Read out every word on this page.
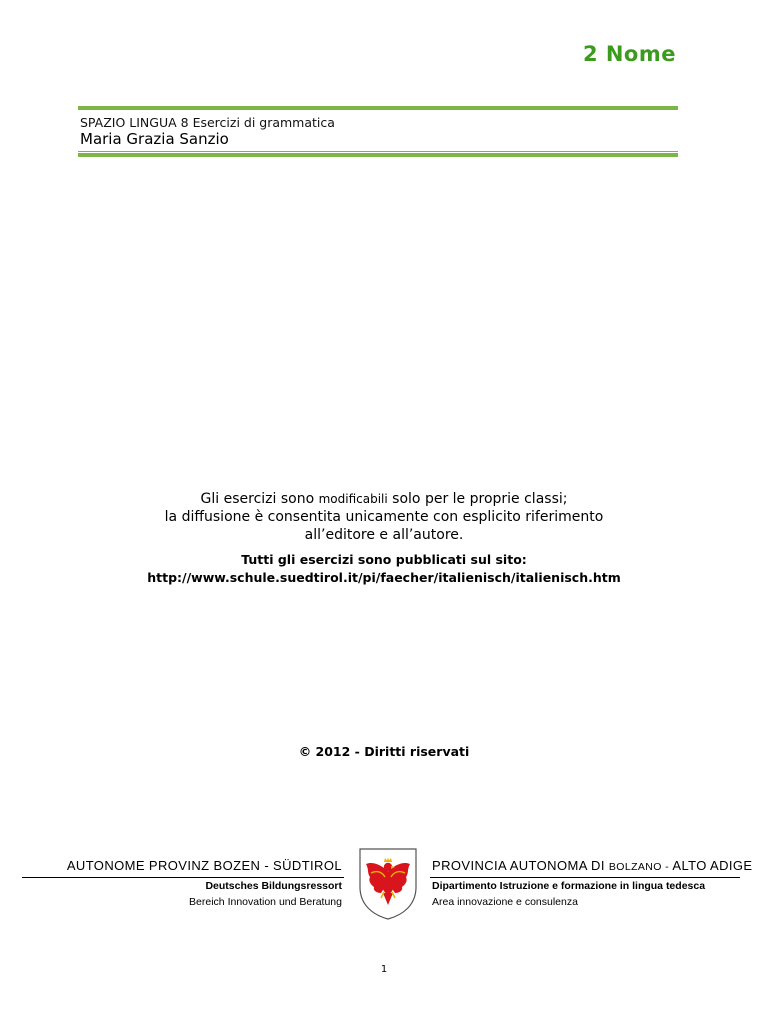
2 Nome
SPAZIO LINGUA 8 Esercizi di grammatica
Maria Grazia Sanzio
Gli esercizi sono modificabili solo per le proprie classi;
la diffusione è consentita unicamente con esplicito riferimento
all’editore e all’autore.
Tutti gli esercizi sono pubblicati sul sito:
http://www.schule.suedtirol.it/pi/faecher/italienisch/italienisch.htm
© 2012 - Diritti riservati
AUTONOME PROVINZ BOZEN - SÜDTIROL
Deutsches Bildungsressort
Bereich Innovation und Beratung
PROVINCIA AUTONOMA DI BOLZANO - ALTO ADIGE
Dipartimento Istruzione e formazione in lingua tedesca
Area innovazione e consulenza
1
